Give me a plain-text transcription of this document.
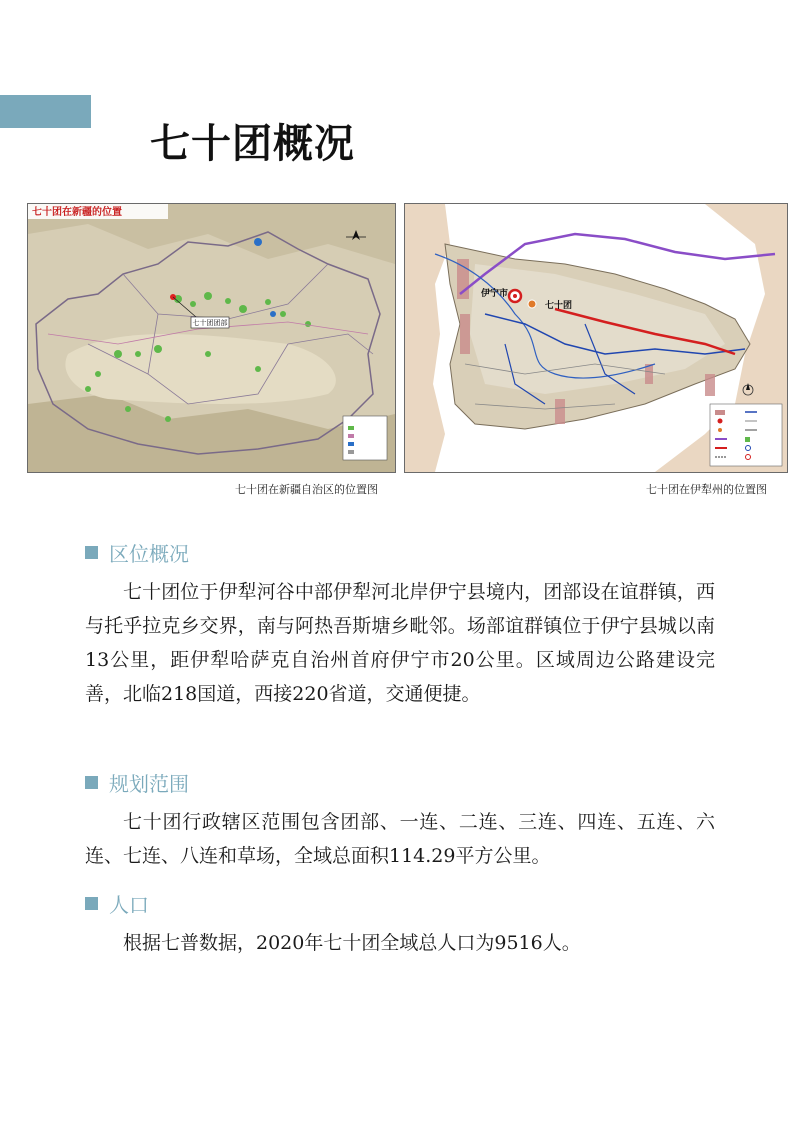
七十团概况
七十团团部
七十团在新疆的位置
伊宁市
七十团
七十团在新疆自治区的位置图	七十团在伊犁州的位置图
区位概况

七十团位于伊犁河谷中部伊犁河北岸伊宁县境内，团部设在谊群镇，西与托乎拉克乡交界，南与阿热吾斯塘乡毗邻。场部谊群镇位于伊宁县城以南13公里，距伊犁哈萨克自治州首府伊宁市20公里。区域周边公路建设完善，北临218国道，西接220省道，交通便捷。

规划范围

七十团行政辖区范围包含团部、一连、二连、三连、四连、五连、六连、七连、八连和草场，全域总面积114.29平方公里。

人口

根据七普数据，2020年七十团全域总人口为9516人。
